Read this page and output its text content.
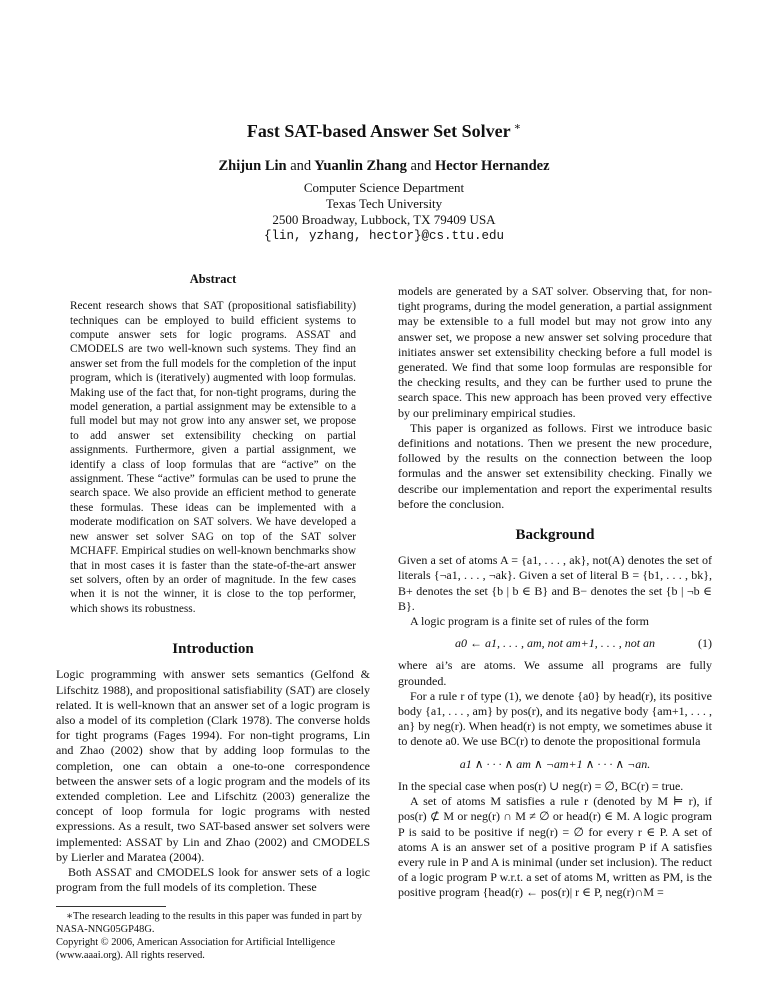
Fast SAT-based Answer Set Solver ∗
Zhijun Lin and Yuanlin Zhang and Hector Hernandez
Computer Science Department
Texas Tech University
2500 Broadway, Lubbock, TX 79409 USA
{lin, yzhang, hector}@cs.ttu.edu
Abstract
Recent research shows that SAT (propositional satisfiability) techniques can be employed to build efficient systems to compute answer sets for logic programs. ASSAT and CMODELS are two well-known such systems. They find an answer set from the full models for the completion of the input program, which is (iteratively) augmented with loop formulas. Making use of the fact that, for non-tight programs, during the model generation, a partial assignment may be extensible to a full model but may not grow into any answer set, we propose to add answer set extensibility checking on partial assignments. Furthermore, given a partial assignment, we identify a class of loop formulas that are “active” on the assignment. These “active” formulas can be used to prune the search space. We also provide an efficient method to generate these formulas. These ideas can be implemented with a moderate modification on SAT solvers. We have developed a new answer set solver SAG on top of the SAT solver MCHAFF. Empirical studies on well-known benchmarks show that in most cases it is faster than the state-of-the-art answer set solvers, often by an order of magnitude. In the few cases when it is not the winner, it is close to the top performer, which shows its robustness.
Introduction

Logic programming with answer sets semantics (Gelfond & Lifschitz 1988), and propositional satisfiability (SAT) are closely related. It is well-known that an answer set of a logic program is also a model of its completion (Clark 1978). The converse holds for tight programs (Fages 1994). For non-tight programs, Lin and Zhao (2002) show that by adding loop formulas to the completion, one can obtain a one-to-one correspondence between the answer sets of a logic program and the models of its extended completion. Lee and Lifschitz (2003) generalize the concept of loop formula for logic programs with nested expressions. As a result, two SAT-based answer set solvers were implemented: ASSAT by Lin and Zhao (2002) and CMODELS by Lierler and Maratea (2004).

Both ASSAT and CMODELS look for answer sets of a logic program from the full models of its completion. These

∗The research leading to the results in this paper was funded in part by NASA-NNG05GP48G.

Copyright © 2006, American Association for Artificial Intelligence (www.aaai.org). All rights reserved.

models are generated by a SAT solver. Observing that, for non-tight programs, during the model generation, a partial assignment may be extensible to a full model but may not grow into any answer set, we propose a new answer set solving procedure that initiates answer set extensibility checking before a full model is generated. We find that some loop formulas are responsible for the checking results, and they can be further used to prune the search space. This new approach has been proved very effective by our preliminary empirical studies.

This paper is organized as follows. First we introduce basic definitions and notations. Then we present the new procedure, followed by the results on the connection between the loop formulas and the answer set extensibility checking. Finally we describe our implementation and report the experimental results before the conclusion.

Background

Given a set of atoms A = {a1, . . . , ak}, not(A) denotes the set of literals {¬a1, . . . , ¬ak}. Given a set of literal B = {b1, . . . , bk}, B+ denotes the set {b | b ∈ B} and B− denotes the set {b | ¬b ∈ B}.

A logic program is a finite set of rules of the form

a0 ← a1, . . . , am, not am+1, . . . , not an	(1)

where ai’s are atoms. We assume all programs are fully grounded.

For a rule r of type (1), we denote {a0} by head(r), its positive body {a1, . . . , am} by pos(r), and its negative body {am+1, . . . , an} by neg(r). When head(r) is not empty, we sometimes abuse it to denote a0. We use BC(r) to denote the propositional formula

a1 ∧ · · · ∧ am ∧ ¬am+1 ∧ · · · ∧ ¬an.

In the special case when pos(r) ∪ neg(r) = ∅, BC(r) = true.

A set of atoms M satisfies a rule r (denoted by M ⊨ r), if pos(r) ⊄ M or neg(r) ∩ M ≠ ∅ or head(r) ∈ M. A logic program P is said to be positive if neg(r) = ∅ for every r ∈ P. A set of atoms A is an answer set of a positive program P if A satisfies every rule in P and A is minimal (under set inclusion). The reduct of a logic program P w.r.t. a set of atoms M, written as PM, is the positive program {head(r) ← pos(r)| r ∈ P, neg(r)∩M =
